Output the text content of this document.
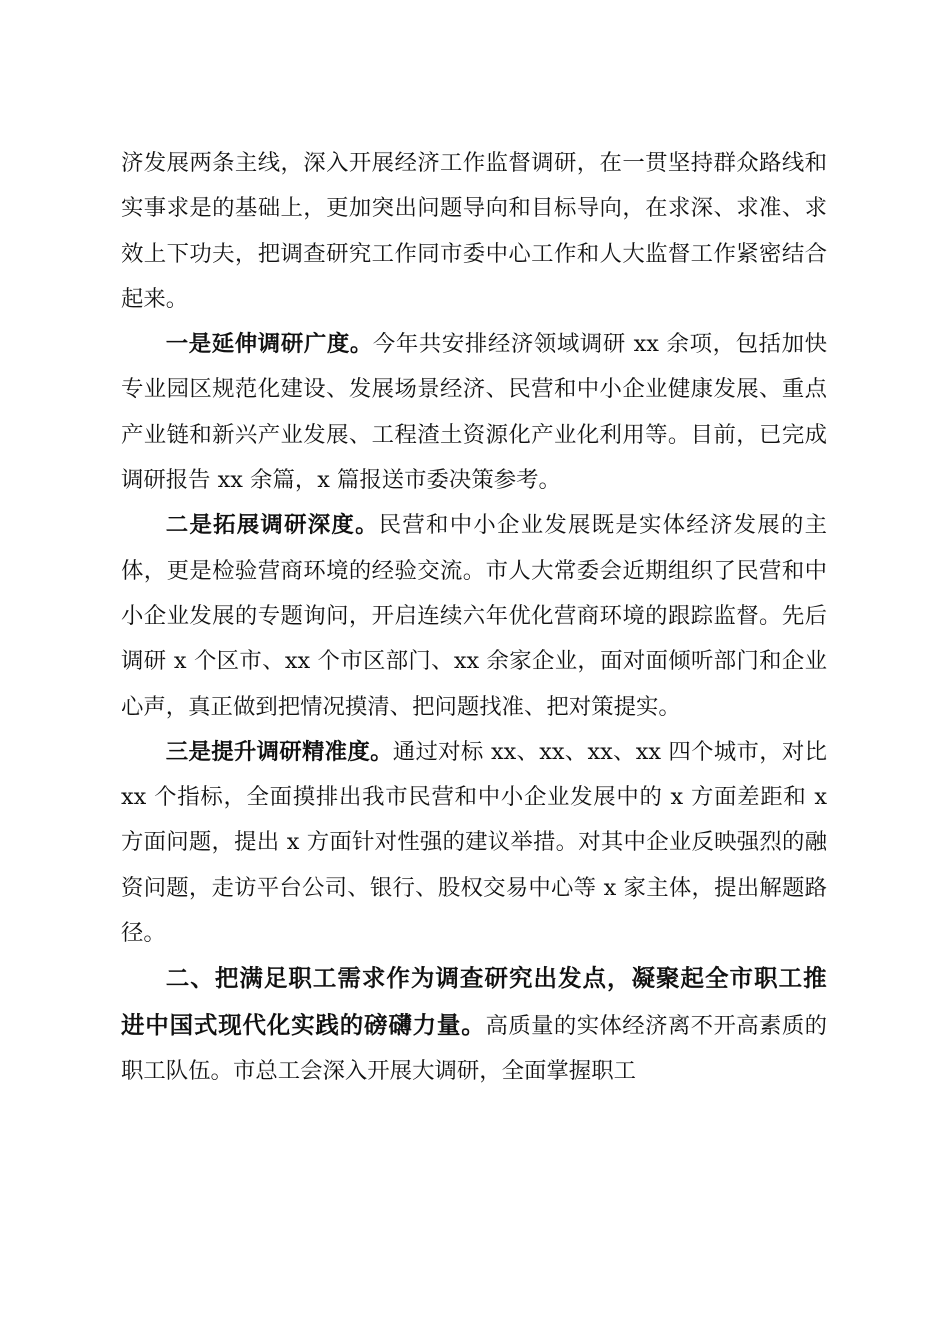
济发展两条主线，深入开展经济工作监督调研，在一贯坚持群众路线和实事求是的基础上，更加突出问题导向和目标导向，在求深、求准、求效上下功夫，把调查研究工作同市委中心工作和人大监督工作紧密结合起来。

一是延伸调研广度。今年共安排经济领域调研 xx 余项，包括加快专业园区规范化建设、发展场景经济、民营和中小企业健康发展、重点产业链和新兴产业发展、工程渣土资源化产业化利用等。目前，已完成调研报告 xx 余篇，x 篇报送市委决策参考。

二是拓展调研深度。民营和中小企业发展既是实体经济发展的主体，更是检验营商环境的经验交流。市人大常委会近期组织了民营和中小企业发展的专题询问，开启连续六年优化营商环境的跟踪监督。先后调研 x 个区市、xx 个市区部门、xx 余家企业，面对面倾听部门和企业心声，真正做到把情况摸清、把问题找准、把对策提实。

三是提升调研精准度。通过对标 xx、xx、xx、xx 四个城市，对比 xx 个指标，全面摸排出我市民营和中小企业发展中的 x 方面差距和 x 方面问题，提出 x 方面针对性强的建议举措。对其中企业反映强烈的融资问题，走访平台公司、银行、股权交易中心等 x 家主体，提出解题路径。

二、把满足职工需求作为调查研究出发点，凝聚起全市职工推进中国式现代化实践的磅礴力量。高质量的实体经济离不开高素质的职工队伍。市总工会深入开展大调研，全面掌握职工
